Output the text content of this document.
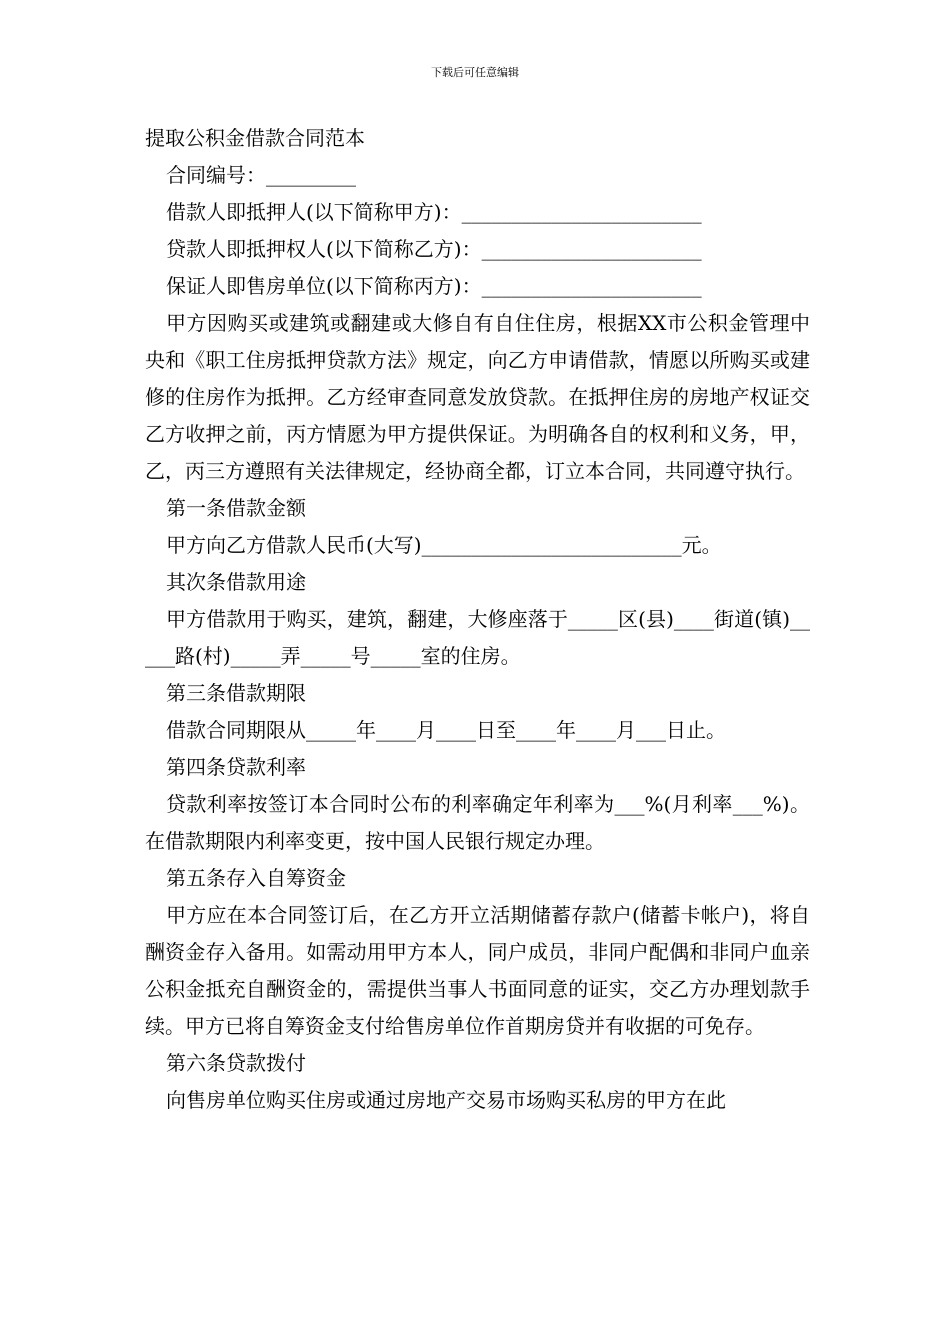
下载后可任意编辑
提取公积金借款合同范本
合同编号：_________
借款人即抵押人(以下简称甲方)：________________________
贷款人即抵押权人(以下简称乙方)：______________________
保证人即售房单位(以下简称丙方)：______________________
甲方因购买或建筑或翻建或大修自有自住住房，根据XX市公积金管理中央和《职工住房抵押贷款方法》规定，向乙方申请借款，情愿以所购买或建修的住房作为抵押。乙方经审查同意发放贷款。在抵押住房的房地产权证交乙方收押之前，丙方情愿为甲方提供保证。为明确各自的权利和义务，甲，乙，丙三方遵照有关法律规定，经协商全都，订立本合同，共同遵守执行。
第一条借款金额
甲方向乙方借款人民币(大写)__________________________元。
其次条借款用途
甲方借款用于购买，建筑，翻建，大修座落于_____区(县)____街道(镇)_____路(村)_____弄_____号_____室的住房。
第三条借款期限
借款合同期限从_____年____月____日至____年____月___日止。
第四条贷款利率
贷款利率按签订本合同时公布的利率确定年利率为___%(月利率___%)。在借款期限内利率变更，按中国人民银行规定办理。
第五条存入自筹资金
甲方应在本合同签订后，在乙方开立活期储蓄存款户(储蓄卡帐户)，将自酬资金存入备用。如需动用甲方本人，同户成员，非同户配偶和非同户血亲公积金抵充自酬资金的，需提供当事人书面同意的证实，交乙方办理划款手续。甲方已将自筹资金支付给售房单位作首期房贷并有收据的可免存。
第六条贷款拨付
向售房单位购买住房或通过房地产交易市场购买私房的甲方在此
